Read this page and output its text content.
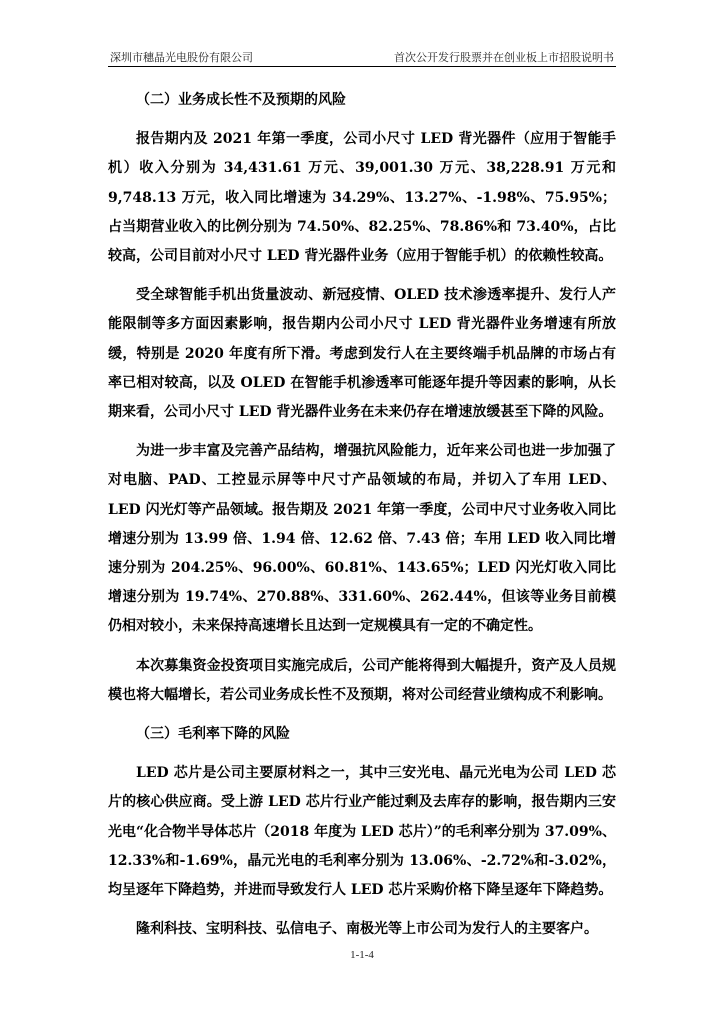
深圳市穗晶光电股份有限公司	首次公开发行股票并在创业板上市招股说明书
（二）业务成长性不及预期的风险

报告期内及 2021 年第一季度，公司小尺寸 LED 背光器件（应用于智能手机）收入分别为 34,431.61 万元、39,001.30 万元、38,228.91 万元和 9,748.13 万元，收入同比增速为 34.29%、13.27%、-1.98%、75.95%；占当期营业收入的比例分别为 74.50%、82.25%、78.86%和 73.40%，占比较高，公司目前对小尺寸 LED 背光器件业务（应用于智能手机）的依赖性较高。

受全球智能手机出货量波动、新冠疫情、OLED 技术渗透率提升、发行人产能限制等多方面因素影响，报告期内公司小尺寸 LED 背光器件业务增速有所放缓，特别是 2020 年度有所下滑。考虑到发行人在主要终端手机品牌的市场占有率已相对较高，以及 OLED 在智能手机渗透率可能逐年提升等因素的影响，从长期来看，公司小尺寸 LED 背光器件业务在未来仍存在增速放缓甚至下降的风险。

为进一步丰富及完善产品结构，增强抗风险能力，近年来公司也进一步加强了对电脑、PAD、工控显示屏等中尺寸产品领域的布局，并切入了车用 LED、LED 闪光灯等产品领域。报告期及 2021 年第一季度，公司中尺寸业务收入同比增速分别为 13.99 倍、1.94 倍、12.62 倍、7.43 倍；车用 LED 收入同比增速分别为 204.25%、96.00%、60.81%、143.65%；LED 闪光灯收入同比增速分别为 19.74%、270.88%、331.60%、262.44%，但该等业务目前模仍相对较小，未来保持高速增长且达到一定规模具有一定的不确定性。

本次募集资金投资项目实施完成后，公司产能将得到大幅提升，资产及人员规模也将大幅增长，若公司业务成长性不及预期，将对公司经营业绩构成不利影响。

（三）毛利率下降的风险

LED 芯片是公司主要原材料之一，其中三安光电、晶元光电为公司 LED 芯片的核心供应商。受上游 LED 芯片行业产能过剩及去库存的影响，报告期内三安光电“化合物半导体芯片（2018 年度为 LED 芯片）”的毛利率分别为 37.09%、12.33%和-1.69%，晶元光电的毛利率分别为 13.06%、-2.72%和-3.02%，均呈逐年下降趋势，并进而导致发行人 LED 芯片采购价格下降呈逐年下降趋势。

隆利科技、宝明科技、弘信电子、南极光等上市公司为发行人的主要客户。

1-1-4
